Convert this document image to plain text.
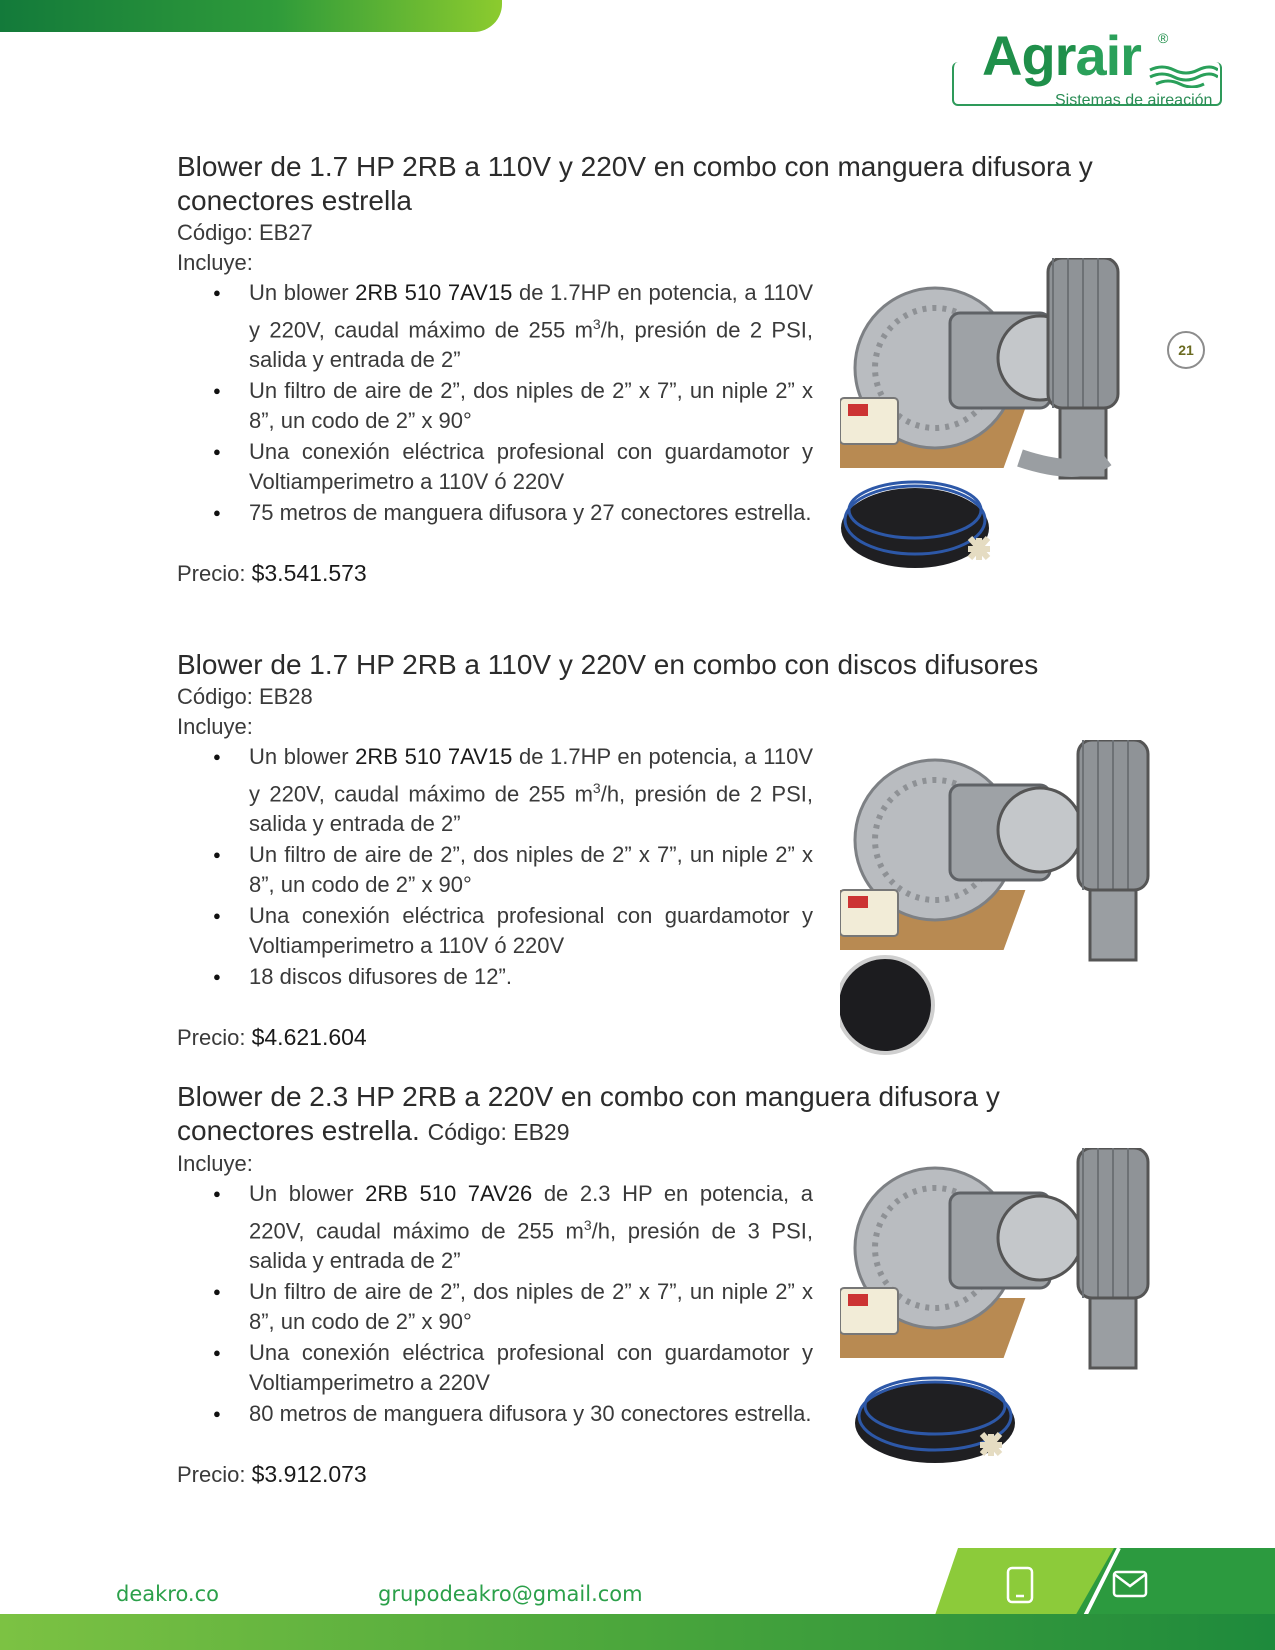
Agrair ®
Sistemas de aireación
21
Blower de 1.7 HP 2RB a 110V y 220V en combo con manguera difusora y conectores estrella
Código: EB27
Incluye:
● Un blower 2RB 510 7AV15 de 1.7HP en potencia, a 110V y 220V, caudal máximo de 255 $m^3/h$, presión de 2 PSI, salida y entrada de 2”
● Un filtro de aire de 2”, dos niples de 2” x 7”, un niple 2” x 8”, un codo de 2” x 90°
● Una conexión eléctrica profesional con guardamotor y Voltiamperimetro a 110V ó 220V
● 75 metros de manguera difusora y 27 conectores estrella.
Precio: $3.541.573
Blower de 1.7 HP 2RB a 110V y 220V en combo con discos difusores
Código: EB28
Incluye:
● Un blower 2RB 510 7AV15 de 1.7HP en potencia, a 110V y 220V, caudal máximo de 255 $m^3/h$, presión de 2 PSI, salida y entrada de 2”
● Un filtro de aire de 2”, dos niples de 2” x 7”, un niple 2” x 8”, un codo de 2” x 90°
● Una conexión eléctrica profesional con guardamotor y Voltiamperimetro a 110V ó 220V
● 18 discos difusores de 12”.
Precio: $4.621.604
Blower de 2.3 HP 2RB a 220V en combo con manguera difusora y conectores estrella. Código: EB29
Incluye:
● Un blower 2RB 510 7AV26 de 2.3 HP en potencia, a 220V, caudal máximo de 255 $m^3/h$, presión de 3 PSI, salida y entrada de 2”
● Un filtro de aire de 2”, dos niples de 2” x 7”, un niple 2” x 8”, un codo de 2” x 90°
● Una conexión eléctrica profesional con guardamotor y Voltiamperimetro a 220V
● 80 metros de manguera difusora y 30 conectores estrella.
Precio: $3.912.073
deakro.co	grupodeakro@gmail.com
